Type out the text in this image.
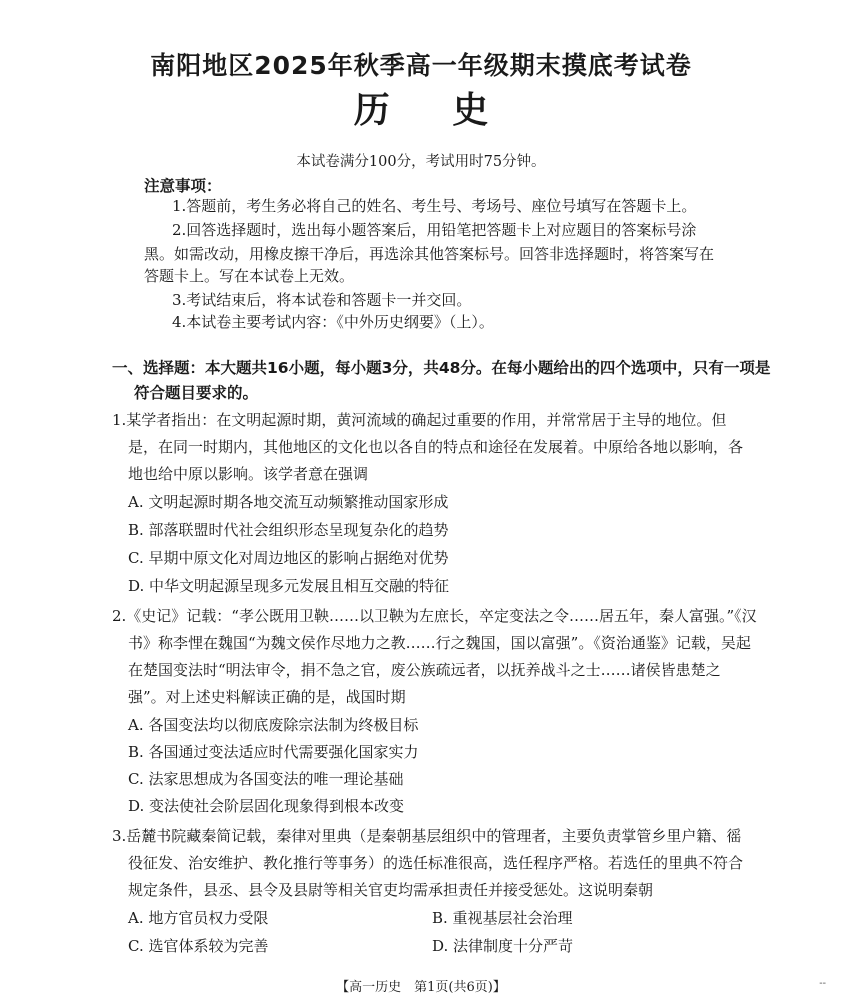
南阳地区2025年秋季高一年级期末摸底考试卷
历 史
本试卷满分100分，考试用时75分钟。
注意事项：
1.答题前，考生务必将自己的姓名、考生号、考场号、座位号填写在答题卡上。
2.回答选择题时，选出每小题答案后，用铅笔把答题卡上对应题目的答案标号涂
黑。如需改动，用橡皮擦干净后，再选涂其他答案标号。回答非选择题时，将答案写在
答题卡上。写在本试卷上无效。
3.考试结束后，将本试卷和答题卡一并交回。
4.本试卷主要考试内容：《中外历史纲要》（上）。
一、选择题：本大题共16小题，每小题3分，共48分。在每小题给出的四个选项中，只有一项是
符合题目要求的。
1.某学者指出：在文明起源时期，黄河流域的确起过重要的作用，并常常居于主导的地位。但
是，在同一时期内，其他地区的文化也以各自的特点和途径在发展着。中原给各地以影响，各
地也给中原以影响。该学者意在强调
A. 文明起源时期各地交流互动频繁推动国家形成
B. 部落联盟时代社会组织形态呈现复杂化的趋势
C. 早期中原文化对周边地区的影响占据绝对优势
D. 中华文明起源呈现多元发展且相互交融的特征
2.《史记》记载：“孝公既用卫鞅……以卫鞅为左庶长，卒定变法之令……居五年，秦人富强。”《汉
书》称李悝在魏国“为魏文侯作尽地力之教……行之魏国，国以富强”。《资治通鉴》记载，吴起
在楚国变法时“明法审令，捐不急之官，废公族疏远者，以抚养战斗之士……诸侯皆患楚之
强”。对上述史料解读正确的是，战国时期
A. 各国变法均以彻底废除宗法制为终极目标
B. 各国通过变法适应时代需要强化国家实力
C. 法家思想成为各国变法的唯一理论基础
D. 变法使社会阶层固化现象得到根本改变
3.岳麓书院藏秦简记载，秦律对里典（是秦朝基层组织中的管理者，主要负责掌管乡里户籍、徭
役征发、治安维护、教化推行等事务）的选任标准很高，选任程序严格。若选任的里典不符合
规定条件，县丞、县令及县尉等相关官吏均需承担责任并接受惩处。这说明秦朝
A. 地方官员权力受限	B. 重视基层社会治理
C. 选官体系较为完善	D. 法律制度十分严苛
【高一历史　第1页(共6页)】	--
